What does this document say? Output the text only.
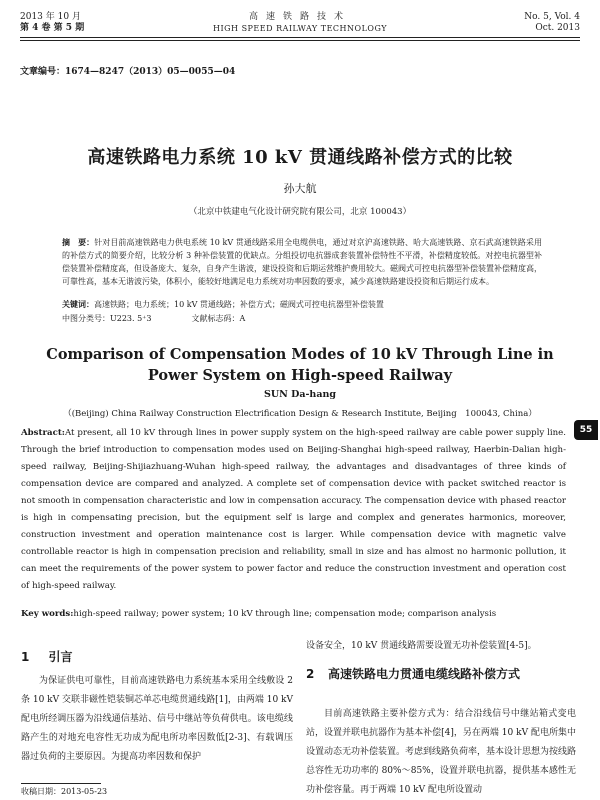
2013 年 10 月
第 4 卷 第 5 期
高速铁路技术
HIGH SPEED RAILWAY TECHNOLOGY
No. 5, Vol. 4
Oct. 2013
文章编号：1674—8247（2013）05—0055—04
高速铁路电力系统 10 kV 贯通线路补偿方式的比较
孙大航
（北京中铁建电气化设计研究院有限公司，北京 100043）
摘　要：针对目前高速铁路电力供电系统 10 kV 贯通线路采用全电缆供电，通过对京沪高速铁路、哈大高速铁路、京石武高速铁路采用的补偿方式的简要介绍，比较分析 3 种补偿装置的优缺点。分组投切电抗器成套装置补偿特性不平滑，补偿精度较低。对控电抗器型补偿装置补偿精度高，但设备庞大、复杂，自身产生谐波，建设投资和后期运营维护费用较大。磁阀式可控电抗器型补偿装置补偿精度高，可靠性高，基本无谐波污染，体积小，能较好地满足电力系统对功率因数的要求，减少高速铁路建设投资和后期运行成本。
关键词：高速铁路；电力系统；10 kV 贯通线路；补偿方式；磁阀式可控电抗器型补偿装置
中图分类号：U223. 5⁺3	文献标志码：A
Comparison of Compensation Modes of 10 kV Through Line in Power System on High-speed Railway
SUN Da-hang
（(Beijing) China Railway Construction Electrification Design & Research Institute, Beijing　100043, China）
Abstract:At present, all 10 kV through lines in power supply system on the high-speed railway are cable power supply line. Through the brief introduction to compensation modes used on Beijing-Shanghai high-speed railway, Haerbin-Dalian high-speed railway, Beijing-Shijiazhuang-Wuhan high-speed railway, the advantages and disadvantages of three kinds of compensation device are compared and analyzed. A complete set of compensation device with packet switched reactor is not smooth in compensation characteristic and low in compensation accuracy. The compensation device with phased reactor is high in compensating precision, but the equipment self is large and complex and generates harmonics, moreover, construction investment and operation maintenance cost is larger. While compensation device with magnetic valve controllable reactor is high in compensation precision and reliability, small in size and has almost no harmonic pollution, it can meet the requirements of the power system to power factor and reduce the construction investment and operation cost of high-speed railway.
Key words:high-speed railway; power system; 10 kV through line; compensation mode; comparison analysis
55
1 引言
为保证供电可靠性，目前高速铁路电力系统基本采用全线敷设 2 条 10 kV 交联非磁性铠装铜芯单芯电缆贯通线路[1]，由两端 10 kV 配电所经调压器为沿线通信基站、信号中继站等负荷供电。该电缆线路产生的对地充电容性无功成为配电所功率因数低[2-3]、有载调压器过负荷的主要原因。为提高功率因数和保护
设备安全，10 kV 贯通线路需要设置无功补偿装置[4-5]。
2 高速铁路电力贯通电缆线路补偿方式
目前高速铁路主要补偿方式为：结合沿线信号中继站箱式变电站，设置并联电抗器作为基本补偿[4]，另在两端 10 kV 配电所集中设置动态无功补偿装置。考虑到线路负荷率，基本设计思想为按线路总容性无功功率的 80%～85%，设置并联电抗器，提供基本感性无功补偿容量。再于两端 10 kV 配电所设置动
收稿日期：2013-05-23
